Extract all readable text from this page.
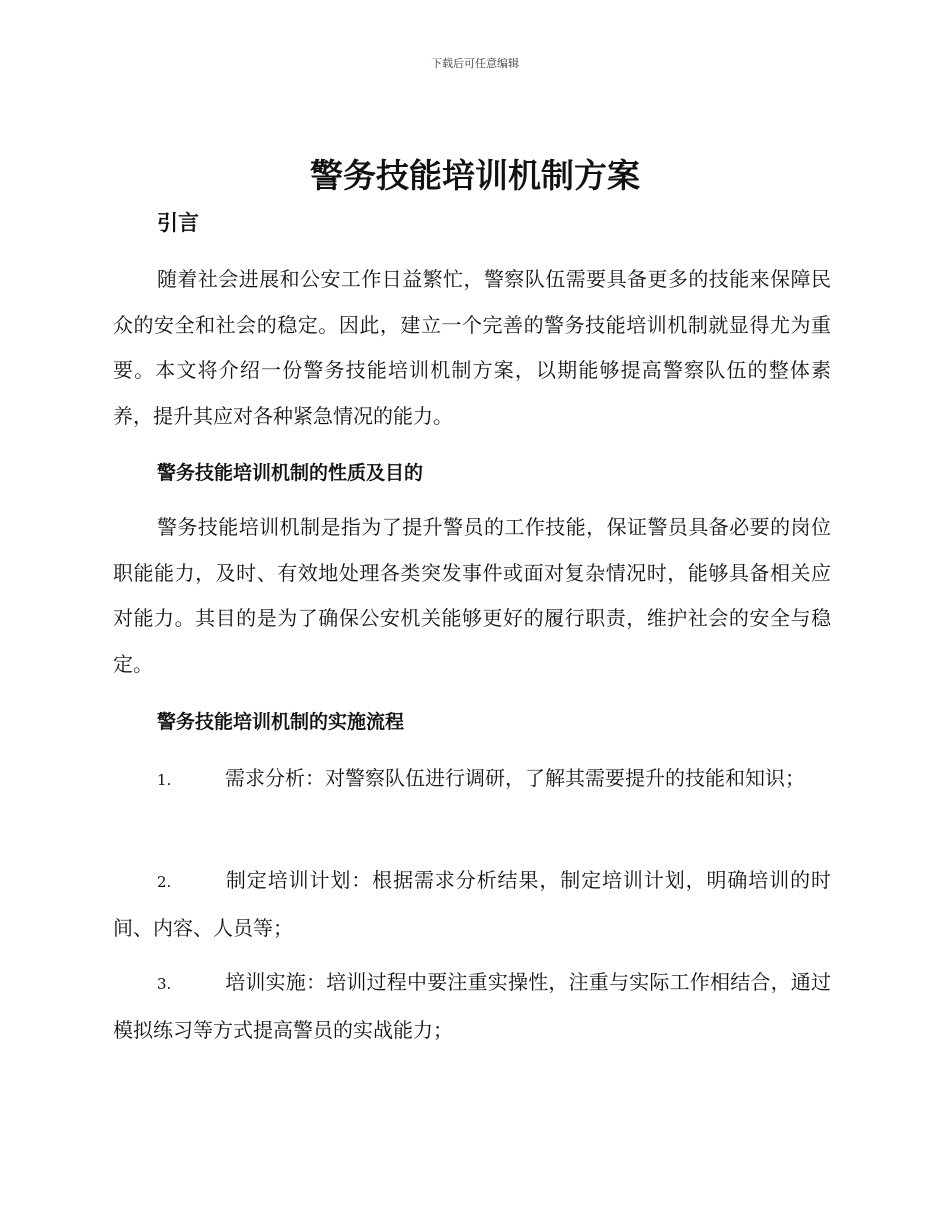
下载后可任意编辑
警务技能培训机制方案
引言

随着社会进展和公安工作日益繁忙，警察队伍需要具备更多的技能来保障民众的安全和社会的稳定。因此，建立一个完善的警务技能培训机制就显得尤为重要。本文将介绍一份警务技能培训机制方案，以期能够提高警察队伍的整体素养，提升其应对各种紧急情况的能力。

警务技能培训机制的性质及目的

警务技能培训机制是指为了提升警员的工作技能，保证警员具备必要的岗位职能能力，及时、有效地处理各类突发事件或面对复杂情况时，能够具备相关应对能力。其目的是为了确保公安机关能够更好的履行职责，维护社会的安全与稳定。

警务技能培训机制的实施流程

1.	需求分析：对警察队伍进行调研，了解其需要提升的技能和知识；

2.	制定培训计划：根据需求分析结果，制定培训计划，明确培训的时间、内容、人员等；

3.	培训实施：培训过程中要注重实操性，注重与实际工作相结合，通过模拟练习等方式提高警员的实战能力；
